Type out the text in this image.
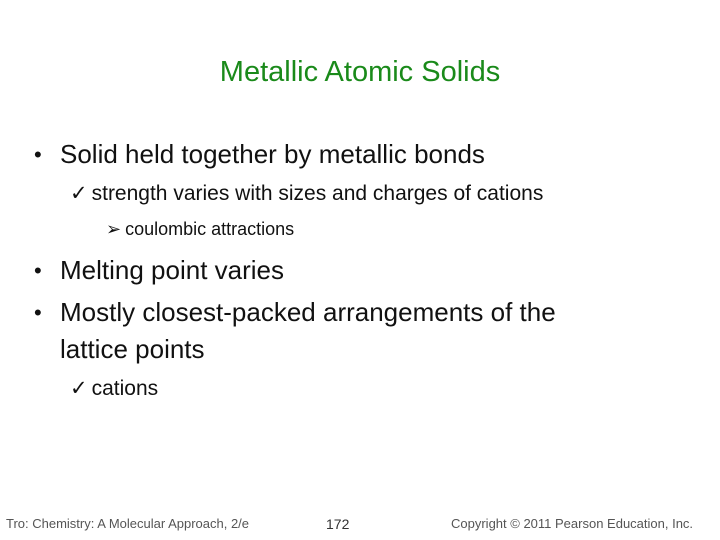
Metallic Atomic Solids
• Solid held together by metallic bonds
✓ strength varies with sizes and charges of cations
➢ coulombic attractions
• Melting point varies
• Mostly closest-packed arrangements of the
lattice points
✓ cations
Tro: Chemistry: A Molecular Approach, 2/e	172	Copyright © 2011 Pearson Education, Inc.
